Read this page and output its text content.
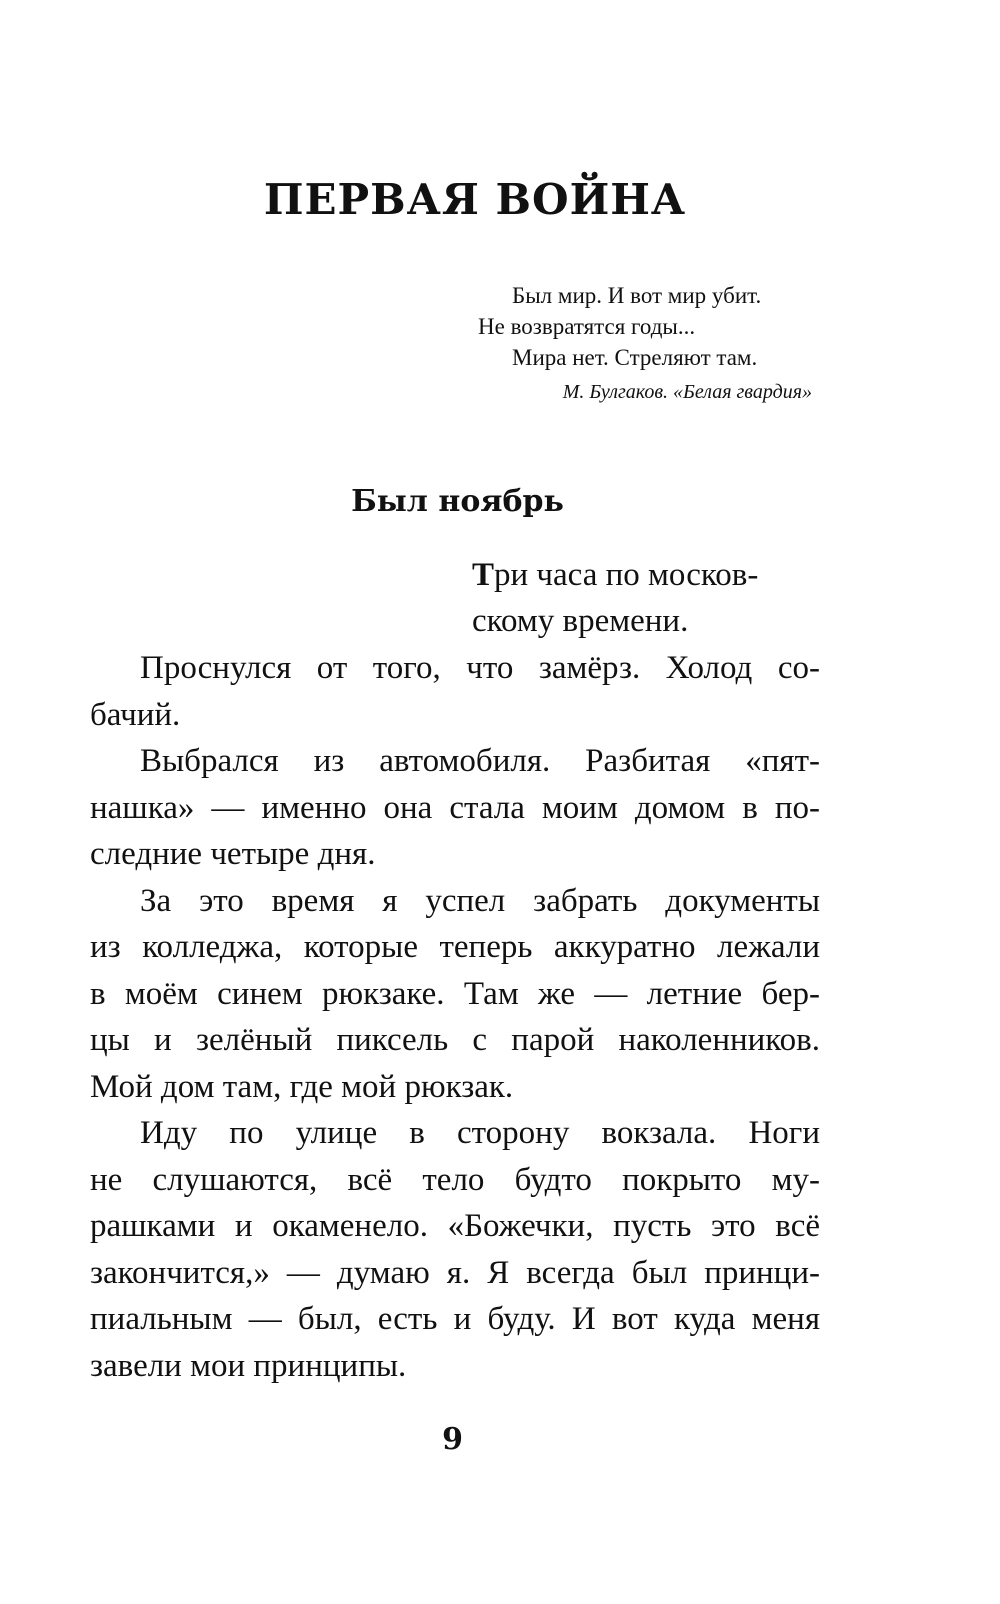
ПЕРВАЯ ВОЙНА
Был мир. И вот мир убит.
Не возвратятся годы...
Мира нет. Стреляют там.
М. Булгаков. «Белая гвардия»
Был ноябрь
Три часа по москов-
скому времени.
Проснулся от того, что замёрз. Холод со-
бачий.
Выбрался из автомобиля. Разбитая «пят-
нашка» — именно она стала моим домом в по-
следние четыре дня.
За это время я успел забрать документы
из колледжа, которые теперь аккуратно лежали
в моём синем рюкзаке. Там же — летние бер-
цы и зелёный пиксель с парой наколенников.
Мой дом там, где мой рюкзак.
Иду по улице в сторону вокзала. Ноги
не слушаются, всё тело будто покрыто му-
рашками и окаменело. «Божечки, пусть это всё
закончится,» — думаю я. Я всегда был принци-
пиальным — был, есть и буду. И вот куда меня
завели мои принципы.
9
